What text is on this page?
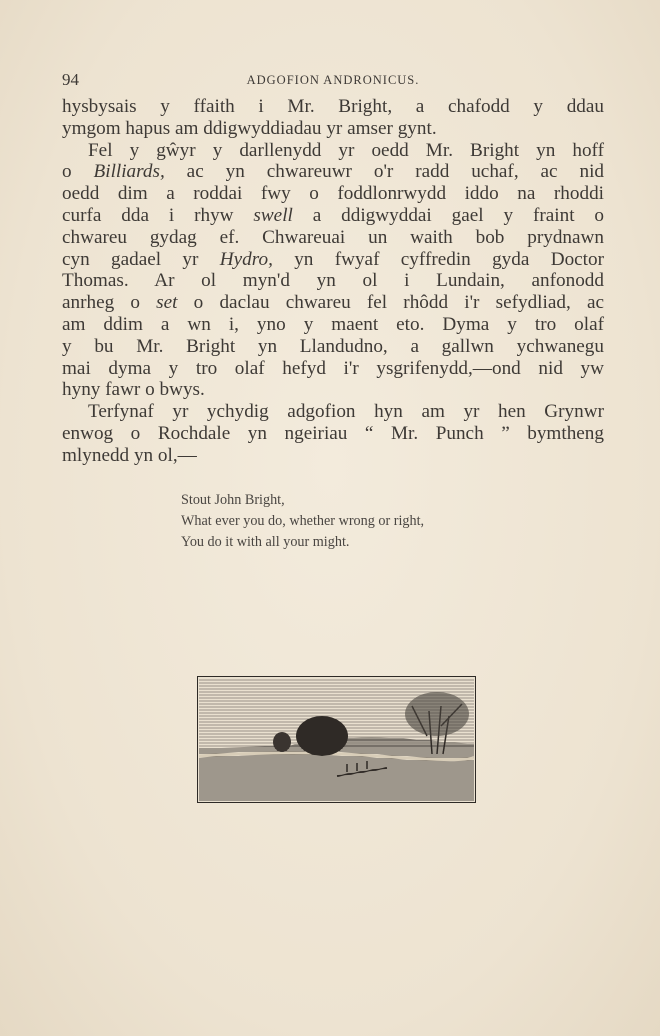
94	ADGOFION ANDRONICUS.
hysbysais y ffaith i Mr. Bright, a chafodd y ddau
ymgom hapus am ddigwyddiadau yr amser gynt.
Fel y gŵyr y darllenydd yr oedd Mr. Bright yn hoff
o Billiards, ac yn chwareuwr o'r radd uchaf, ac nid
oedd dim a roddai fwy o foddlonrwydd iddo na rhoddi
curfa dda i rhyw swell a ddigwyddai gael y fraint o
chwareu gydag ef. Chwareuai un waith bob prydnawn
cyn gadael yr Hydro, yn fwyaf cyffredin gyda Doctor
Thomas. Ar ol myn'd yn ol i Lundain, anfonodd
anrheg o set o daclau chwareu fel rhôdd i'r sefydliad, ac
am ddim a wn i, yno y maent eto. Dyma y tro olaf
y bu Mr. Bright yn Llandudno, a gallwn ychwanegu
mai dyma y tro olaf hefyd i'r ysgrifenydd,—ond nid yw
hyny fawr o bwys.
Terfynaf yr ychydig adgofion hyn am yr hen Grynwr
enwog o Rochdale yn ngeiriau “ Mr. Punch ” bymtheng
mlynedd yn ol,—
Stout John Bright,
What ever you do, whether wrong or right,
You do it with all your might.
